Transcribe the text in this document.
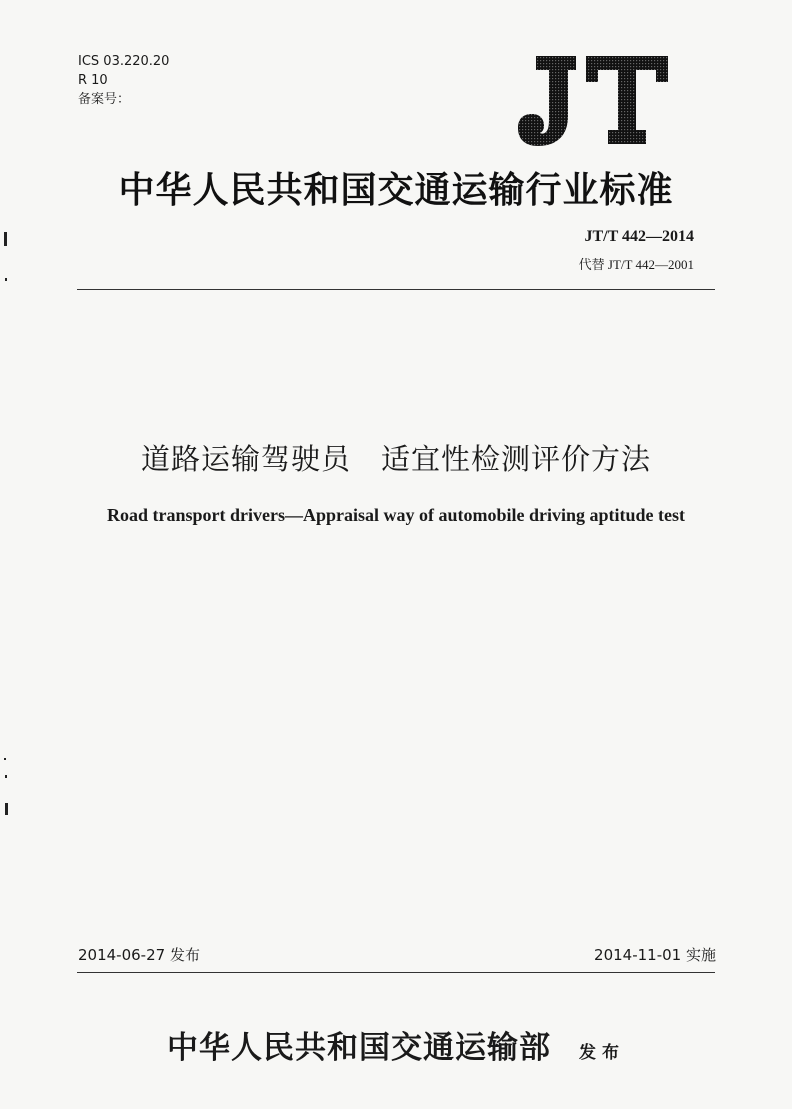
ICS 03.220.20
R 10
备案号：
中华人民共和国交通运输行业标准
JT/T 442—2014
代替 JT/T 442—2001
道路运输驾驶员　适宜性检测评价方法
Road transport drivers—Appraisal way of automobile driving aptitude test
2014-06-27 发布	2014-11-01 实施
中华人民共和国交通运输部 发布
